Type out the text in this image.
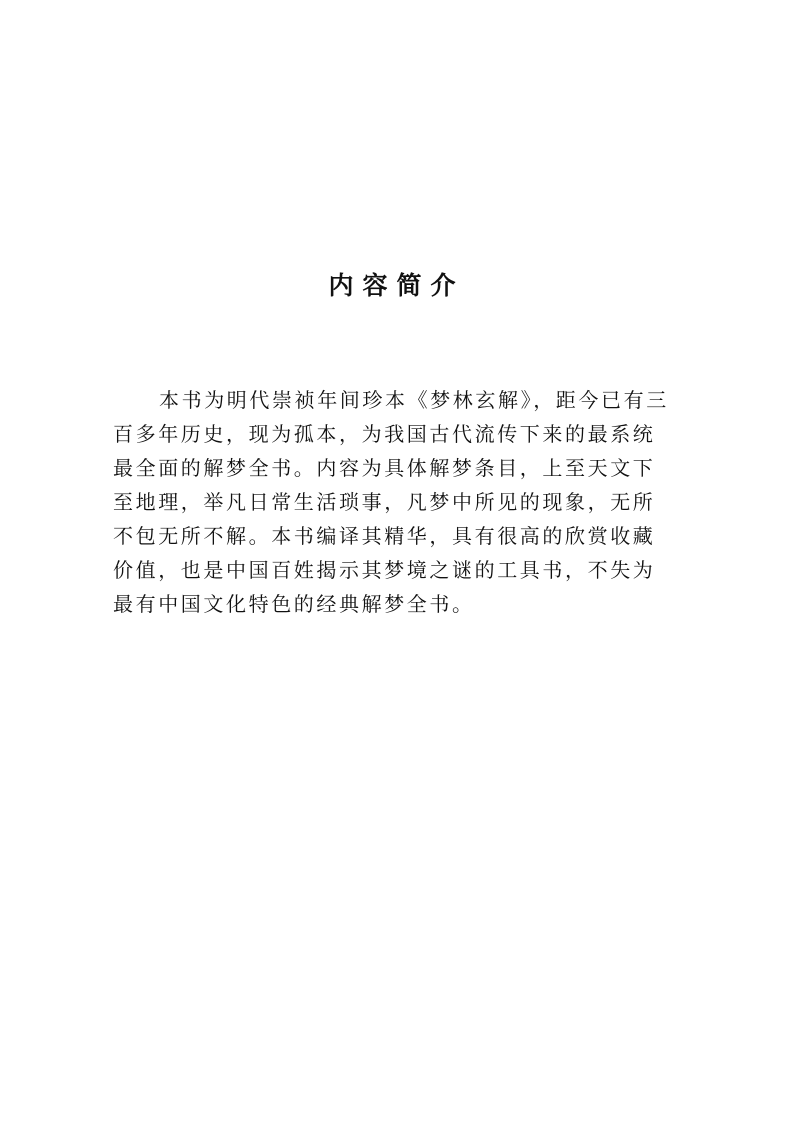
内容简介
本书为明代崇祯年间珍本《梦林玄解》，距今已有三
百多年历史，现为孤本，为我国古代流传下来的最系统
最全面的解梦全书。内容为具体解梦条目，上至天文下
至地理，举凡日常生活琐事，凡梦中所见的现象，无所
不包无所不解。本书编译其精华，具有很高的欣赏收藏
价值，也是中国百姓揭示其梦境之谜的工具书，不失为
最有中国文化特色的经典解梦全书。
